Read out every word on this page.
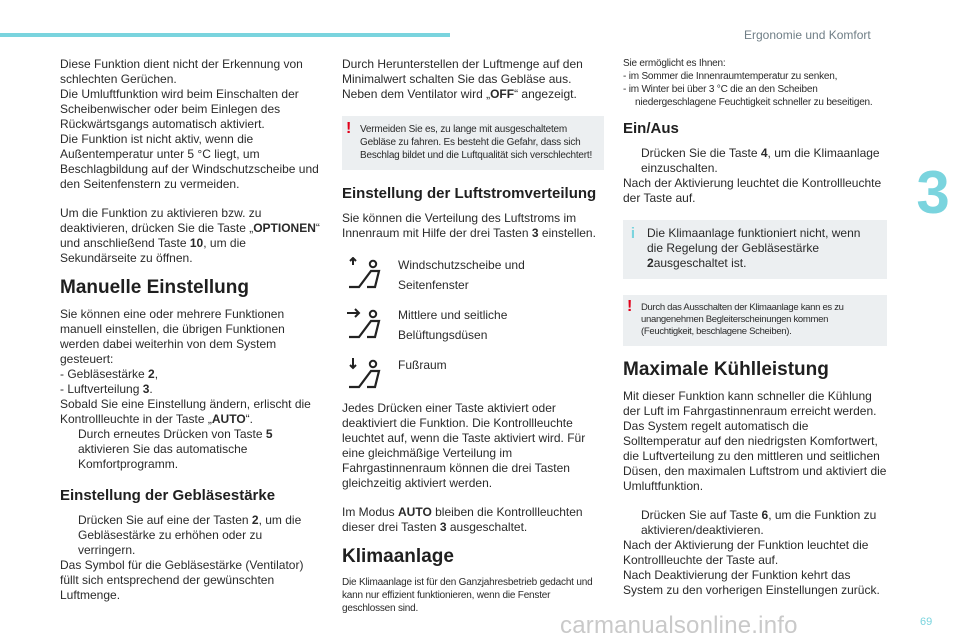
Ergonomie und Komfort
3

Diese Funktion dient nicht der Erkennung von schlechten Gerüchen.
Die Umluftfunktion wird beim Einschalten der Scheibenwischer oder beim Einlegen des Rückwärtsgangs automatisch aktiviert.
Die Funktion ist nicht aktiv, wenn die Außentemperatur unter 5 °C liegt, um Beschlagbildung auf der Windschutzscheibe und den Seitenfenstern zu vermeiden.

Um die Funktion zu aktivieren bzw. zu deaktivieren, drücken Sie die Taste „OPTIONEN“ und anschließend Taste 10, um die Sekundärseite zu öffnen.

Manuelle Einstellung

Sie können eine oder mehrere Funktionen manuell einstellen, die übrigen Funktionen werden dabei weiterhin von dem System gesteuert:
- Gebläsestärke 2,
- Luftverteilung 3.
Sobald Sie eine Einstellung ändern, erlischt die Kontrollleuchte in der Taste „AUTO“.
Durch erneutes Drücken von Taste 5 aktivieren Sie das automatische Komfortprogramm.

Einstellung der Gebläsestärke

Drücken Sie auf eine der Tasten 2, um die Gebläsestärke zu erhöhen oder zu verringern.
Das Symbol für die Gebläsestärke (Ventilator) füllt sich entsprechend der gewünschten Luftmenge.

Durch Herunterstellen der Luftmenge auf den Minimalwert schalten Sie das Gebläse aus. Neben dem Ventilator wird „OFF“ angezeigt.

! Vermeiden Sie es, zu lange mit ausgeschaltetem Gebläse zu fahren. Es besteht die Gefahr, dass sich Beschlag bildet und die Luftqualität sich verschlechtert!
Einstellung der Luftstromverteilung

Sie können die Verteilung des Luftstroms im Innenraum mit Hilfe der drei Tasten 3 einstellen.

Windschutzscheibe und
Seitenfenster
Mittlere und seitliche
Belüftungsdüsen
Fußraum

Jedes Drücken einer Taste aktiviert oder deaktiviert die Funktion. Die Kontrollleuchte leuchtet auf, wenn die Taste aktiviert wird. Für eine gleichmäßige Verteilung im Fahrgastinnenraum können die drei Tasten gleichzeitig aktiviert werden.

Im Modus AUTO bleiben die Kontrollleuchten dieser drei Tasten 3 ausgeschaltet.

Klimaanlage

Die Klimaanlage ist für den Ganzjahresbetrieb gedacht und kann nur effizient funktionieren, wenn die Fenster geschlossen sind.

Sie ermöglicht es Ihnen:
- im Sommer die Innenraumtemperatur zu senken,
- im Winter bei über 3 °C die an den Scheiben niedergeschlagene Feuchtigkeit schneller zu beseitigen.

Ein/Aus

Drücken Sie die Taste 4, um die Klimaanlage einzuschalten.
Nach der Aktivierung leuchtet die Kontrollleuchte der Taste auf.

i Die Klimaanlage funktioniert nicht, wenn die Regelung der Gebläsestärke 2ausgeschaltet ist.
! Durch das Ausschalten der Klimaanlage kann es zu unangenehmen Begleiterscheinungen kommen (Feuchtigkeit, beschlagene Scheiben).
Maximale Kühlleistung

Mit dieser Funktion kann schneller die Kühlung der Luft im Fahrgastinnenraum erreicht werden. Das System regelt automatisch die Solltemperatur auf den niedrigsten Komfortwert, die Luftverteilung zu den mittleren und seitlichen Düsen, den maximalen Luftstrom und aktiviert die Umluftfunktion.

Drücken Sie auf Taste 6, um die Funktion zu aktivieren/deaktivieren.
Nach der Aktivierung der Funktion leuchtet die Kontrollleuchte der Taste auf.
Nach Deaktivierung der Funktion kehrt das System zu den vorherigen Einstellungen zurück.

carmanualsonline.info	69
